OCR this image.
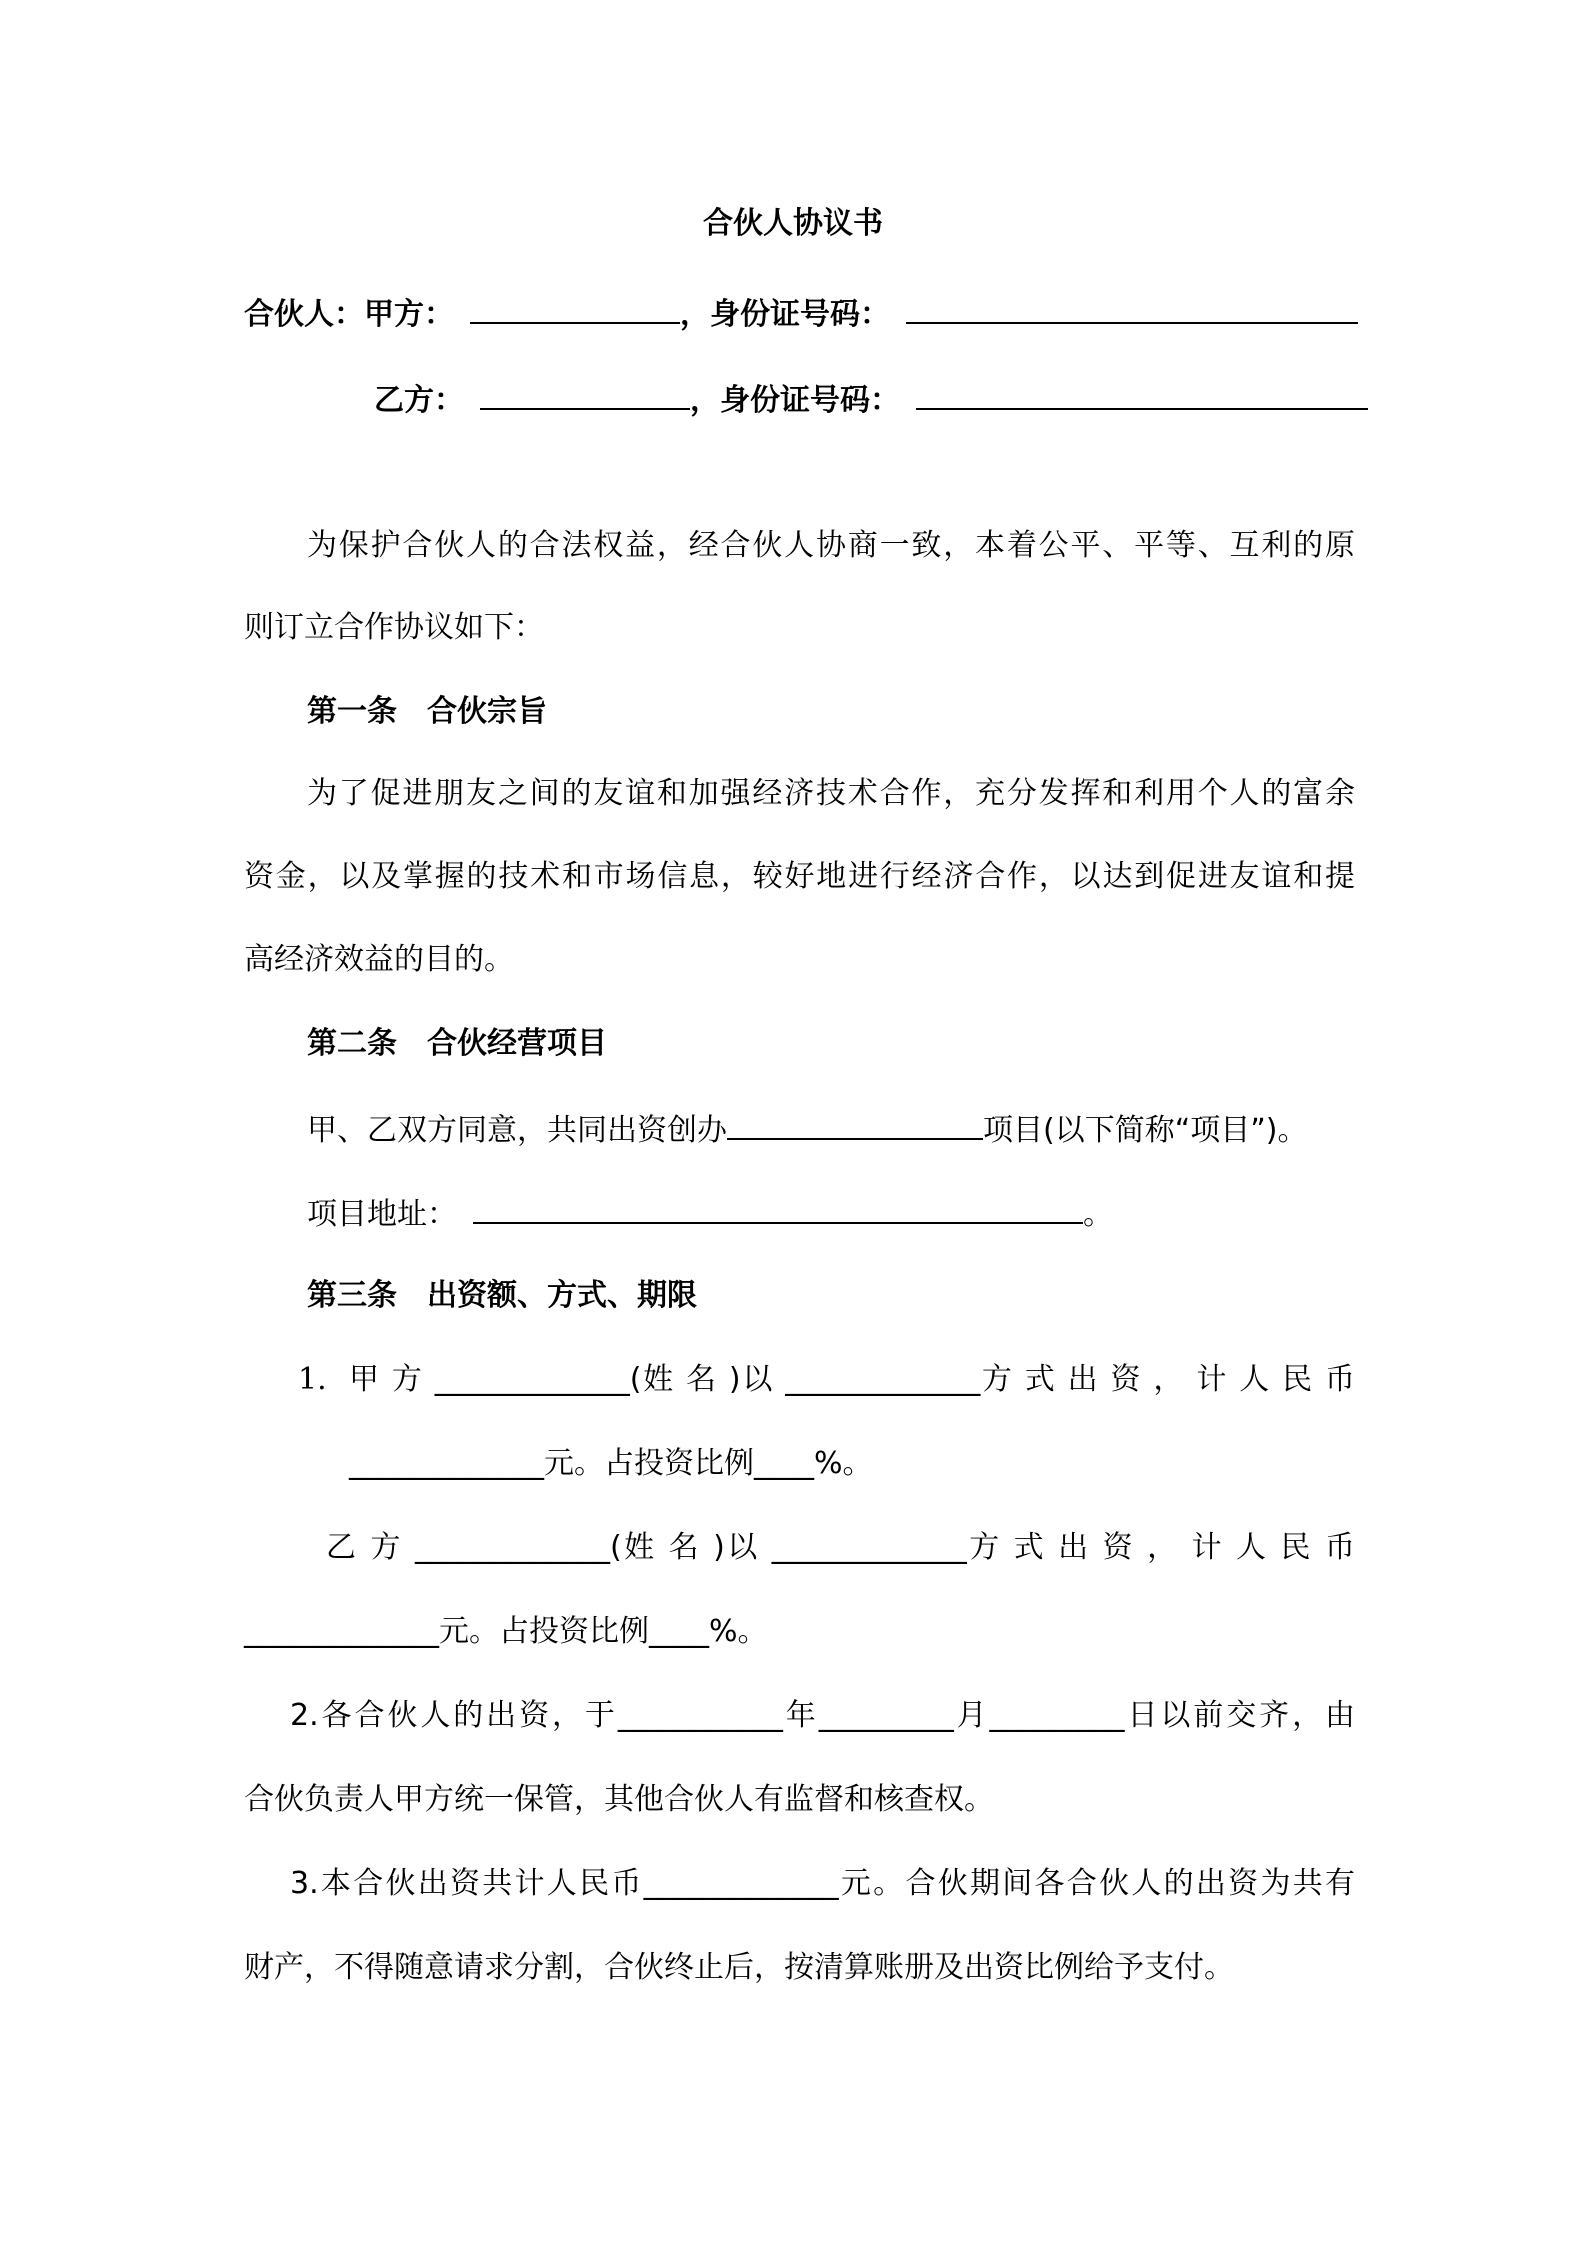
合伙人协议书
合伙人：甲方：	，身份证号码：
乙方：	，身份证号码：
为保护合伙人的合法权益，经合伙人协商一致，本着公平、平等、互利的原
则订立合作协议如下：
第一条　合伙宗旨
为了促进朋友之间的友谊和加强经济技术合作，充分发挥和利用个人的富余
资金，以及掌握的技术和市场信息，较好地进行经济合作，以达到促进友谊和提
高经济效益的目的。
第二条　合伙经营项目
甲、乙双方同意，共同出资创办	项目(以下简称“项目”)。
项目地址：	。
第三条　出资额、方式、期限
1. 甲 方 _____________(姓 名 )以 _____________方 式 出 资 ， 计 人 民 币
_____________元。占投资比例____%。
乙 方 _____________(姓 名 )以 _____________方 式 出 资 ， 计 人 民 币
_____________元。占投资比例____%。
2.各合伙人的出资，于___________年_________月_________日以前交齐，由
合伙负责人甲方统一保管，其他合伙人有监督和核查权。
3.本合伙出资共计人民币_____________元。合伙期间各合伙人的出资为共有
财产，不得随意请求分割，合伙终止后，按清算账册及出资比例给予支付。
